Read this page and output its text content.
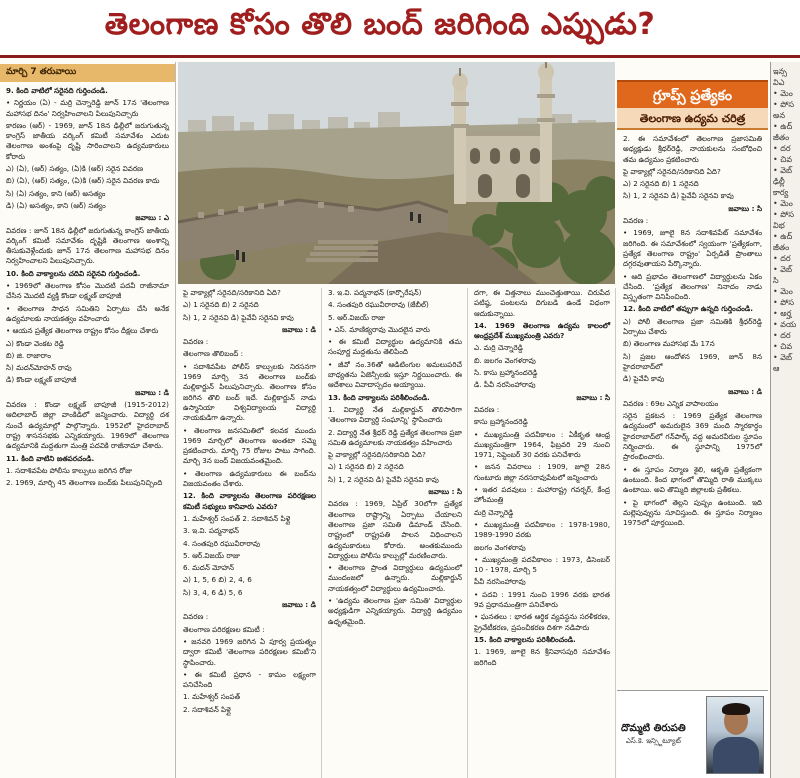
తెలంగాణ కోసం తొలి బంద్‌ జరిగింది ఎప్పుడు?
మార్చి 7 తరువాయి
9. కింది వాటిలో సరైనది గుర్తించండి.
• నిర్ణయం (ఏ) - మర్రి చెన్నారెడ్డి జూన్‌ 17న 'తెలంగాణ మహాసభ దినం' నిర్వహించాలని పిలుపునిచ్చారు
కారణం (ఆర్‌) - 1969, జూన్‌ 18న ఢిల్లీలో జరుగుతున్న కాంగ్రెస్‌ జాతీయ వర్కింగ్‌ కమిటీ సమావేశం ఎదుట తెలంగాణ అంశంపై దృష్టి సారించాలని ఉద్యమకారులు కోరారు
ఎ) (ఏ), (ఆర్‌) సత్యం, (ఏ)కి (ఆర్‌) సరైన వివరణ
బి) (ఏ), (ఆర్‌) సత్యం, (ఏ)కి (ఆర్‌) సరైన వివరణ కాదు
సి) (ఏ) సత్యం, కాని (ఆర్‌) అసత్యం
డి) (ఏ) అసత్యం, కాని (ఆర్‌) సత్యం
జవాబు : ఎ
వివరణ : జూన్‌ 18న ఢిల్లీలో జరుగుతున్న కాంగ్రెస్‌ జాతీయ వర్కింగ్‌ కమిటీ సమావేశం దృష్టికి తెలంగాణ అంశాన్ని తీసుకువెళ్లేందుకు జూన్‌ 17న తెలంగాణ మహాసభ దినం నిర్వహించాలని పిలుపునిచ్చారు.
10. కింది వాక్యాలను చదివి సరైనవి గుర్తించండి.
• 1969లో తెలంగాణ కోసం మొదటి పదవీ రాజీనామా చేసిన మొదటి వ్యక్తి కొండా లక్ష్మణ్‌ బాపూజీ
• తెలంగాణ సాధన సమితిని ఏర్పాటు చేసి అనేక ఉద్యమాలకు నాయకత్వం వహించారు
• ఆయన ప్రత్యేక తెలంగాణ రాష్ట్రం కోసం దీక్షలు చేశారు
ఎ) కొండా వెంకట రెడ్డి
బి) జి. రాజారాం
సి) మదన్‌మోహన్‌ రావు
డి) కొండా లక్ష్మణ్‌ బాపూజీ
జవాబు : డి
వివరణ : కొండా లక్ష్మణ్‌ బాపూజీ (1915-2012) ఆదిలాబాద్‌ జిల్లా వాంకిడిలో జన్మించారు. విద్యార్థి దశ నుంచే ఉద్యమాల్లో పాల్గొన్నారు. 1952లో హైదరాబాద్‌ రాష్ట్ర శాసనసభకు ఎన్నికయ్యారు. 1969లో తెలంగాణ ఉద్యమానికి మద్దతుగా మంత్రి పదవికి రాజీనామా చేశారు.
11. కింది వాటిని జతపరచండి.
1. సదాశివపేట పోలీసు కాల్పులు జరిగిన రోజు
2. 1969, మార్చి 45 తెలంగాణ బంద్‌కు పిలుపునిచ్చింది
గ్రూప్స్‌ ప్రత్యేకం
తెలంగాణ ఉద్యమ చరిత్ర
2. ఈ సమావేశంలో తెలంగాణ ప్రజాసమితి అధ్యక్షుడు శ్రీధర్‌రెడ్డి, నాయకులను సంబోధించి తమ ఉద్యమం ప్రకటించారు
పై వాక్యాల్లో సరైనది/సరికానిది ఏది?
ఎ) 2 సరైనది బి) 1 సరైనది
సి) 1, 2 సరైనవి డి) పైవేవీ సరైనవి కావు
జవాబు : సి
వివరణ :
• 1969, జూలై 8న సదాశివపేట్‌ సమావేశం జరిగింది. ఈ సమావేశంలో స్వయంగా 'ప్రత్యేకంగా, ప్రత్యేక తెలంగాణ రాష్ట్రం' ఏర్పడితే ప్రాంతాలు దగ్గరవుతాయని పేర్కొన్నారు.
• ఆది ప్రభావం తెలంగాణలో విద్యార్థులను ఏకం చేసింది. 'ప్రత్యేక తెలంగాణ' నినాదం నాడు విస్తృతంగా వినిపించింది.
12. కింది వాటిలో తప్పుగా ఉన్నది గుర్తించండి.
ఎ) పోలీ తెలంగాణ ప్రజా సమితికి శ్రీధర్‌రెడ్డి ఏర్పాటు చేశారు
బి) తెలంగాణ మహాసభ మే 17న
సి) ప్రజల ఆందోళన 1969, జూన్‌ 8న హైదరాబాద్‌లో
డి) పైవేవీ కావు
జవాబు : డి
వివరణ : 69ల ఎన్నిక వాపాలయం
సరైన ప్రకటన : 1969 ప్రత్యేక తెలంగాణ ఉద్యమంలో అమరులైన 369 మంది స్మారకార్థం హైదరాబాద్‌లో గన్‌పార్క్‌ వద్ద అమరవీరుల స్థూపం నిర్మించారు. ఈ స్థూపాన్ని 1975లో ప్రారంభించారు.
• ఈ స్తూపం నిర్మాణ శైలి, ఆకృతి ప్రత్యేకంగా ఉంటుంది. కింద భాగంలో తొమ్మిది రాతి ముక్కలు ఉంటాయి. అవి తొమ్మిది జిల్లాలకు ప్రతీకలు.
• పై భాగంలో తెల్లని పుష్పం ఉంటుంది. ఇది మల్లెపువ్వును సూచిస్తుంది. ఈ స్తూపం నిర్మాణం 1975లో పూర్తయింది.
పై వాక్యాల్లో సరైనది/సరికానిది ఏది?
ఎ) 1 సరైనది బి) 2 సరైనది
సి) 1, 2 సరైనవి డి) పైవేవీ సరైనవి కావు
జవాబు : డి
వివరణ :
తెలంగాణ తొలిబంద్‌ :
• సదాశివపేట పోలీస్‌ కాల్పులకు నిరసనగా 1969 మార్చి 3న తెలంగాణ బంద్‌కు మల్లికార్జున్‌ పిలుపునిచ్చారు. తెలంగాణ కోసం జరిగిన తొలి బంద్‌ ఇదే. మల్లికార్జున్‌ నాడు ఉస్మానియా విశ్వవిద్యాలయ విద్యార్థి నాయకుడిగా ఉన్నారు.
• తెలంగాణ జనసమితిలో కలవక ముందు 1969 మార్చిలో తెలంగాణ అంతటా సమ్మె ప్రకటించారు. మార్చి 75 రోజుల పాటు సాగింది. మార్చి 3న బంద్‌ విజయవంతమైంది.
• తెలంగాణ ఉద్యమకారులు ఈ బంద్‌ను విజయవంతం చేశారు.
12. కింది వాక్యాలను తెలంగాణ పరిరక్షణల కమిటీ సభ్యులు కానివారు ఎవరు?
1. మహేశ్వర్‌ సంపత్‌ 2. సదాశివన్‌ పిళ్లై
3. ఇ.వి. పద్మనాభన్‌
4. సంతపురి రఘువీరారావు
5. ఆర్‌.విజయ్‌ రాజు
6. మదన్‌ మోహన్‌
ఎ) 1, 5, 6 బి) 2, 4, 6
సి) 3, 4, 6 డి) 5, 6
జవాబు : డి
వివరణ :
తెలంగాణ పరిరక్షణల కమిటీ :
• జనవరి 1969 జరిగిన ఏ పూర్వ ప్రయత్నం ద్వారా కమిటీ 'తెలంగాణ పరిరక్షణల కమిటీ'ని స్థాపించారు.
• ఈ కమిటీ ప్రధాన - కామం లక్ష్యంగా పనిచేసింది
1. మహేశ్వర్‌ సంపత్‌
2. సదాశివన్‌ పిళ్లై
3. ఇ.వి. పద్మనాభన్‌ (కార్పొరేషన్‌)
4. సంతపురి రఘువీరారావు (జేబీల్‌)
5. ఆర్‌.విజయ్‌ రాజు
• ఎస్‌. మాణిక్యరావు మొదలైన వారు
• ఈ కమిటీ విద్యార్థుల ఉద్యమానికి తమ సంపూర్ణ మద్దతును తెలిపింది
• జీవో నం.36తో ఆడిటింగుల అమలుపరిచే బాధ్యతను ఏజెన్సీలకు ఇస్తూ నిర్ణయించారు. ఈ ఆదేశాలు వివాదాస్పదం అయ్యాయి.
13. కింది వాక్యాలను పరిశీలించండి.
1. విద్యార్థి నేత మల్లికార్జున్‌ తొలిసారిగా 'తెలంగాణ విద్యార్థి సంఘాన్ని' స్థాపించారు
2. విద్యార్థి నేత శ్రీధర్‌ రెడ్డి ప్రత్యేక తెలంగాణ ప్రజా సమితి ఉద్యమాలకు నాయకత్వం వహించారు
పై వాక్యాల్లో సరైనది/సరికానిది ఏది?
ఎ) 1 సరైనది బి) 2 సరైనది
సి) 1, 2 సరైనవి డి) పైవేవీ సరైనవి కావు
జవాబు : సి
వివరణ : 1969, ఏప్రిల్‌ 30లోగా ప్రత్యేక తెలంగాణ రాష్ట్రాన్ని ఏర్పాటు చేయాలని తెలంగాణ ప్రజా సమితి డిమాండ్‌ చేసింది. రాష్ట్రంలో రాష్ట్రపతి పాలన విధించాలని ఉద్యమకారులు కోరారు. అంతకుముందు విద్యార్థులు పోలీసు కాల్పుల్లో మరణించారు.
• తెలంగాణ ప్రాంత విద్యార్థులు ఉద్యమంలో ముందంజలో ఉన్నారు. మల్లికార్జున్‌ నాయకత్వంలో విద్యార్థులు ఉద్యమించారు.
• 'ఉద్యమ తెలంగాణ ప్రజా సమితి' విద్యార్థుల అధ్యక్షుడిగా ఎన్నికయ్యారు. విద్యార్థి ఉద్యమం ఉధృతమైంది.
దగా, ఈ విత్తనాలు ముంచెత్తుతాయి. చిరుపేద పటిష్ఠ, పంటలను దిగుబడి ఉండే విధంగా ఆదుకున్నాయి.
14. 1969 తెలంగాణ ఉద్యమ కాలంలో ఆంధ్రప్రదేశ్‌ ముఖ్యమంత్రి ఎవరు?
ఎ. మర్రి చెన్నారెడ్డి
బి. జలగం వెంగళరావు
సి. కాసు బ్రహ్మానందరెడ్డి
డి. పీవీ నరసింహారావు
జవాబు : సి
వివరణ :
కాసు బ్రహ్మానందరెడ్డి
• ముఖ్యమంత్రి పదవీకాలం : ఏకీకృత ఆంధ్ర ముఖ్యమంత్రిగా 1964, ఫిబ్రవరి 29 నుంచి 1971, సెప్టెంబర్‌ 30 వరకు పనిచేశారు
• జనన వివరాలు : 1909, జూలై 28న గుంటూరు జిల్లా నరసరావుపేటలో జన్మించారు
• ఇతర పదవులు : మహారాష్ట్ర గవర్నర్‌, కేంద్ర హోంమంత్రి
మర్రి చెన్నారెడ్డి
• ముఖ్యమంత్రి పదవీకాలం : 1978-1980, 1989-1990 వరకు
జలగం వెంగళరావు
• ముఖ్యమంత్రి పదవీకాలం : 1973, డిసెంబర్‌ 10 - 1978, మార్చి 5
పీవీ నరసింహారావు
• పదవి : 1991 నుంచి 1996 వరకు భారత 9వ ప్రధానమంత్రిగా పనిచేశారు
• ఘనతలు : భారత ఆర్థిక వ్యవస్థను సరళీకరణ, ప్రైవేటీకరణ, ప్రపంచీకరణ దిశగా నడిపారు
15. కింది వాక్యాలను పరిశీలించండి.
1. 1969, జూలై 8న శ్రీనివాసపురి సమావేశం జరిగింది
దొమ్మటి తిరుపతి
ఎస్‌.కె. ఇన్స్టిట్యూట్‌
ఇన్స
విఎ
• మెం
• పోస
అన
• ఉద్
జీతం
• దర
• చివ
• వెబ్
ఢిల్లీ
కార్య
• మెం
• పోస
విభ
• ఉద్
జీతం
• దర
• వెబ్
సి
• మెం
• పోస
• అర్హ
• వయ
• దర
• చివ
• వెబ్
ఆ
